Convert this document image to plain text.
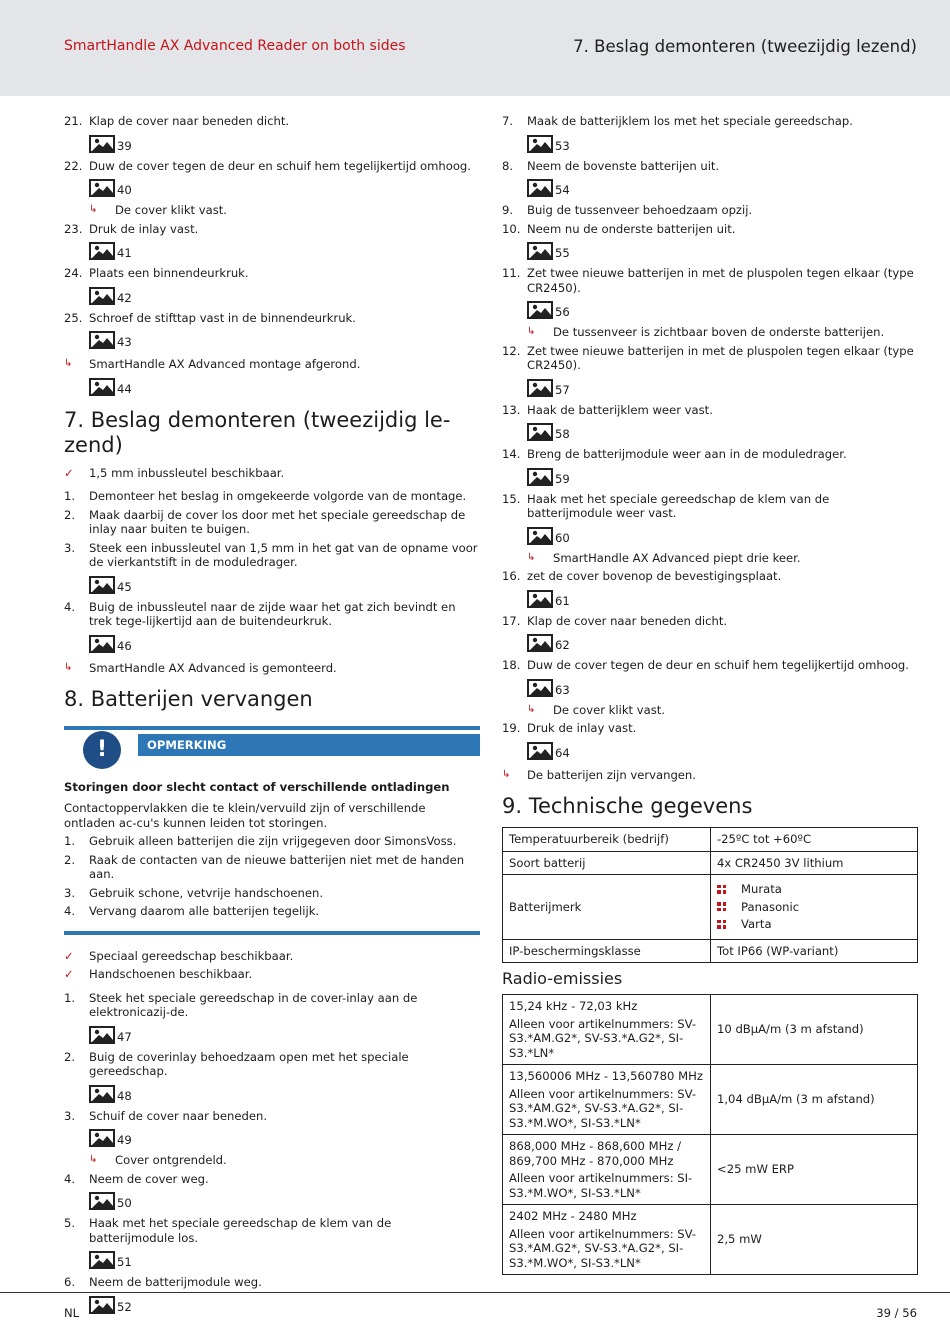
SmartHandle AX Advanced Reader on both sides	7. Beslag demonteren (tweezijdig lezend)
21. Klap de cover naar beneden dicht.
39
22. Duw de cover tegen de deur en schuif hem tegelijkertijd omhoog.
40
↳	De cover klikt vast.
23. Druk de inlay vast.
41
24. Plaats een binnendeurkruk.
42
25. Schroef de stifttap vast in de binnendeurkruk.
43
↳	SmartHandle AX Advanced montage afgerond.
44
7. Beslag demonteren (tweezijdig le-zend)
✓	1,5 mm inbussleutel beschikbaar.
1.	Demonteer het beslag in omgekeerde volgorde van de montage.
2.	Maak daarbij de cover los door met het speciale gereedschap de inlay naar buiten te buigen.
3.	Steek een inbussleutel van 1,5 mm in het gat van de opname voor de vierkantstift in de moduledrager.
45
4.	Buig de inbussleutel naar de zijde waar het gat zich bevindt en trek tege-lijkertijd aan de buitendeurkruk.
46
↳	SmartHandle AX Advanced is gemonteerd.
8. Batterijen vervangen
OPMERKING
!
Storingen door slecht contact of verschillende ontladingen
Contactoppervlakken die te klein/vervuild zijn of verschillende ontladen ac-cu's kunnen leiden tot storingen.
1.	Gebruik alleen batterijen die zijn vrijgegeven door SimonsVoss.
2.	Raak de contacten van de nieuwe batterijen niet met de handen aan.
3.	Gebruik schone, vetvrije handschoenen.
4.	Vervang daarom alle batterijen tegelijk.
✓	Speciaal gereedschap beschikbaar.
✓	Handschoenen beschikbaar.
1.	Steek het speciale gereedschap in de cover-inlay aan de elektronicazij-de.
47
2.	Buig de coverinlay behoedzaam open met het speciale gereedschap.
48
3.	Schuif de cover naar beneden.
49
↳	Cover ontgrendeld.
4.	Neem de cover weg.
50
5.	Haak met het speciale gereedschap de klem van de batterijmodule los.
51
6.	Neem de batterijmodule weg.
52
7.	Maak de batterijklem los met het speciale gereedschap.
53
8.	Neem de bovenste batterijen uit.
54
9.	Buig de tussenveer behoedzaam opzij.
10. Neem nu de onderste batterijen uit.
55
11. Zet twee nieuwe batterijen in met de pluspolen tegen elkaar (type CR2450).
56
↳	De tussenveer is zichtbaar boven de onderste batterijen.
12. Zet twee nieuwe batterijen in met de pluspolen tegen elkaar (type CR2450).
57
13. Haak de batterijklem weer vast.
58
14. Breng de batterijmodule weer aan in de moduledrager.
59
15. Haak met het speciale gereedschap de klem van de batterijmodule weer vast.
60
↳	SmartHandle AX Advanced piept drie keer.
16. zet de cover bovenop de bevestigingsplaat.
61
17. Klap de cover naar beneden dicht.
62
18. Duw de cover tegen de deur en schuif hem tegelijkertijd omhoog.
63
↳	De cover klikt vast.
19. Druk de inlay vast.
64
↳	De batterijen zijn vervangen.
9. Technische gegevens
Temperatuurbereik (bedrijf)	-25ºC tot +60ºC
Soort batterij	4x CR2450 3V lithium
Batterijmerk	Murata
Panasonic
Varta

IP-beschermingsklasse	Tot IP66 (WP-variant)
Radio-emissies
15,24 kHz - 72,03 kHz
Alleen voor artikelnummers: SV-S3.*AM.G2*, SV-S3.*A.G2*, SI-S3.*LN*	10 dBµA/m (3 m afstand)

13,560006 MHz - 13,560780 MHz
Alleen voor artikelnummers: SV-S3.*AM.G2*, SV-S3.*A.G2*, SI-S3.*M.WO*, SI-S3.*LN*	1,04 dBµA/m (3 m afstand)

868,000 MHz - 868,600 MHz / 869,700 MHz - 870,000 MHz
Alleen voor artikelnummers: SI-S3.*M.WO*, SI-S3.*LN*	<25 mW ERP

2402 MHz - 2480 MHz
Alleen voor artikelnummers: SV-S3.*AM.G2*, SV-S3.*A.G2*, SI-S3.*M.WO*, SI-S3.*LN*	2,5 mW
NL	39 / 56
